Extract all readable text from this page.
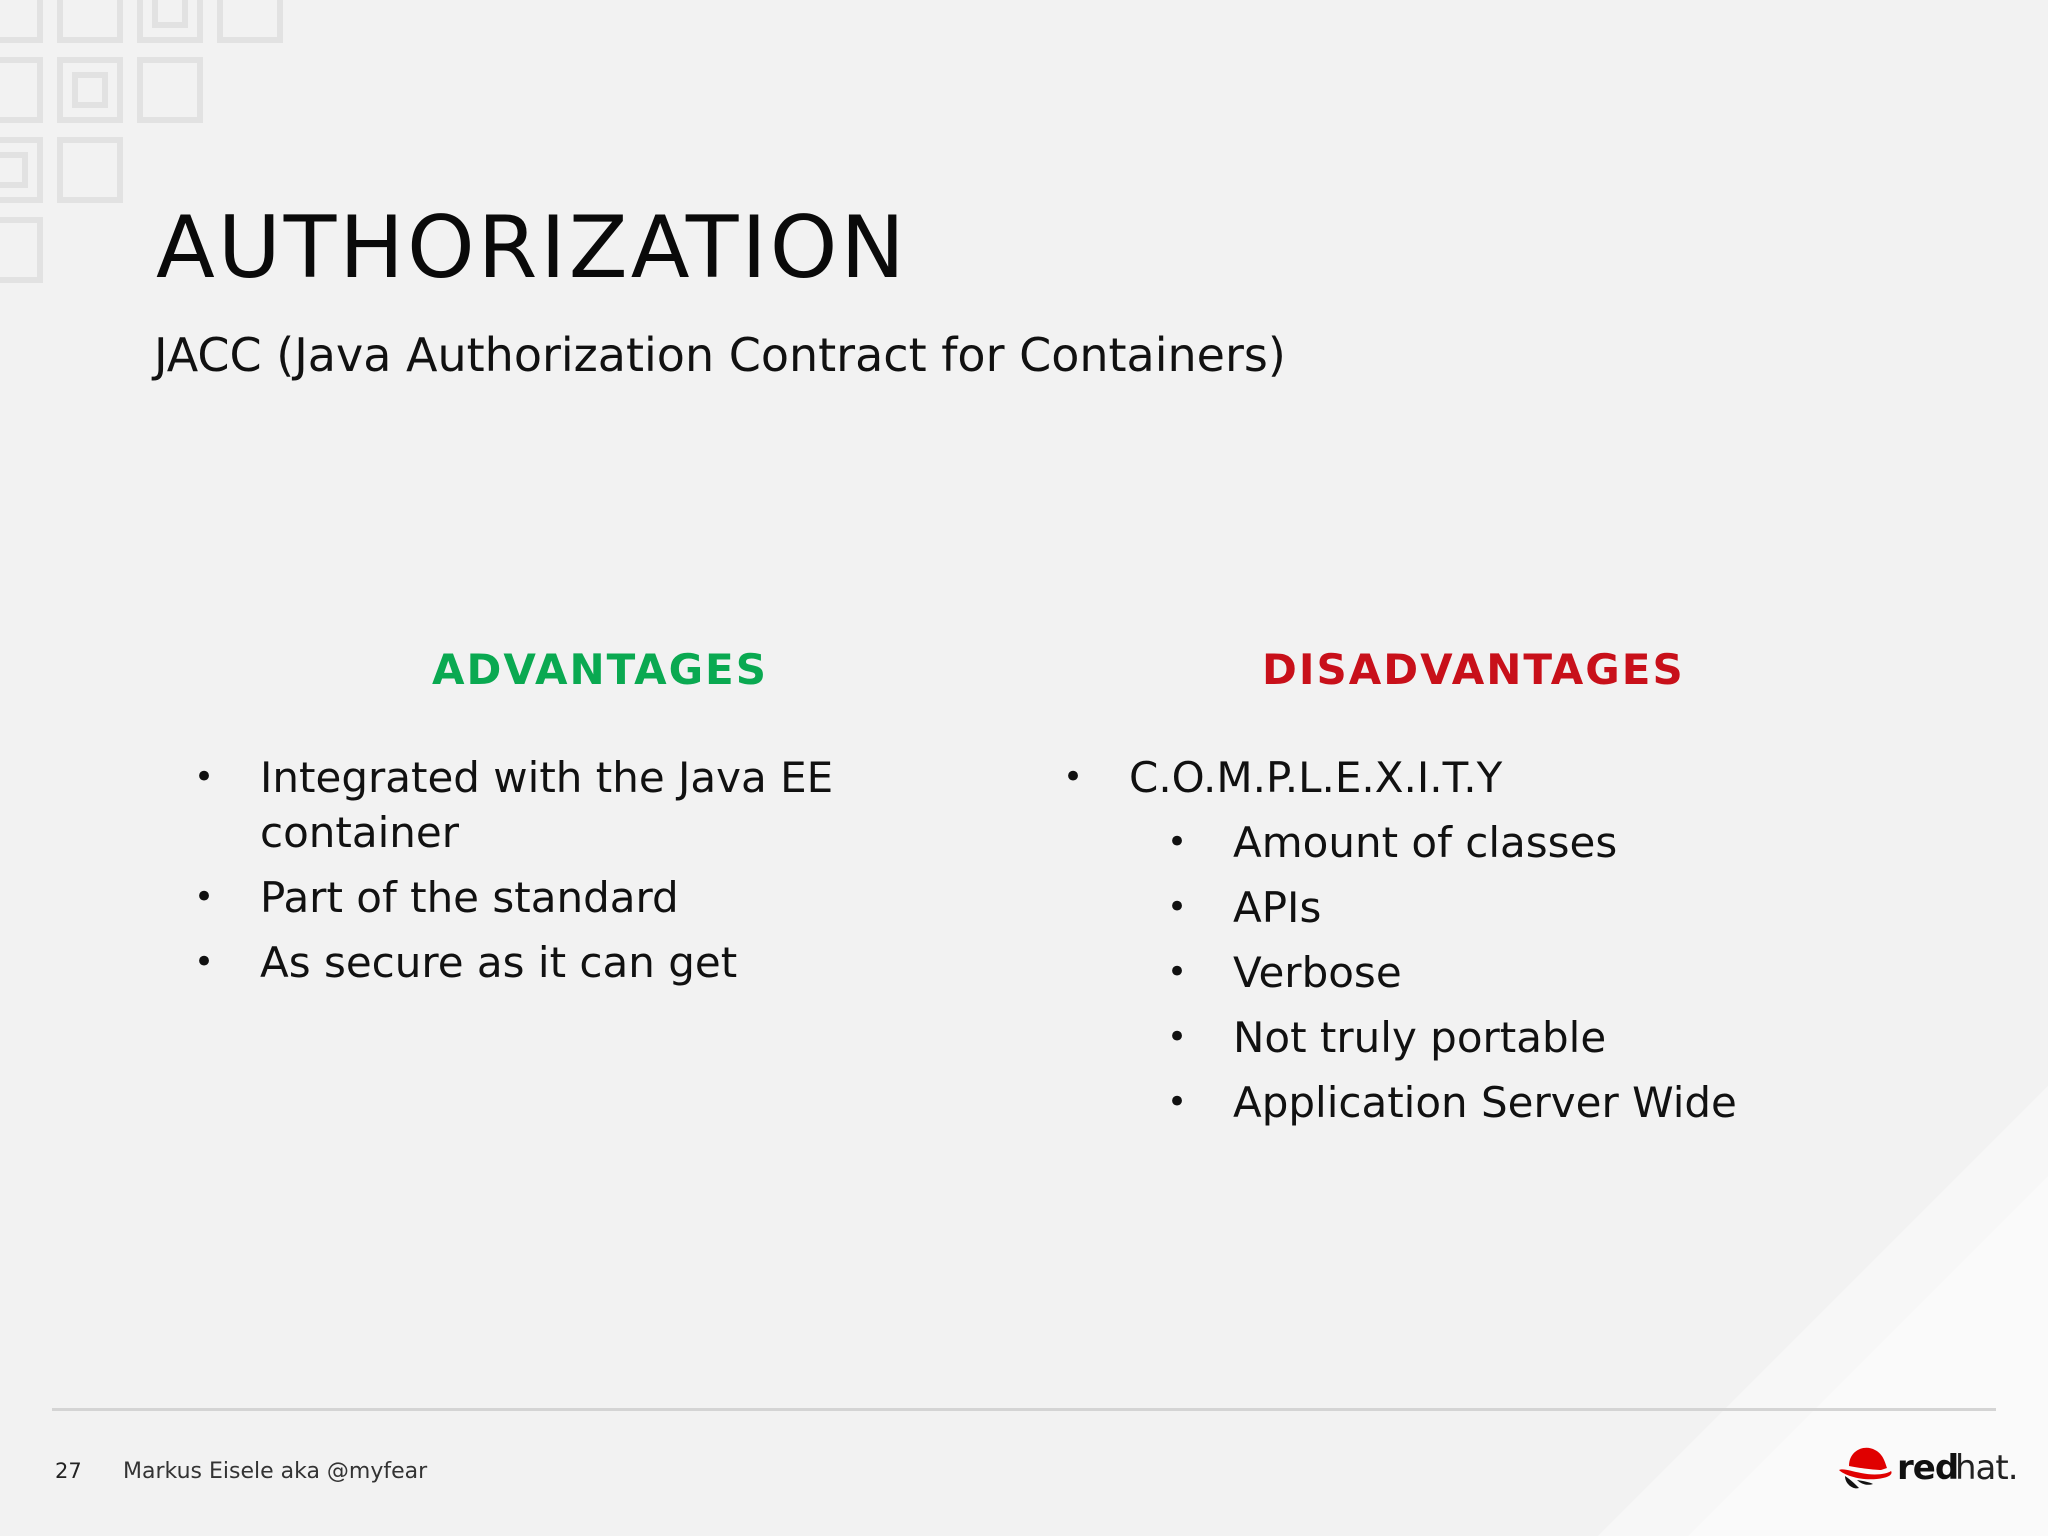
AUTHORIZATION
JACC (Java Authorization Contract for Containers)
ADVANTAGES	DISADVANTAGES
• Integrated with the Java EE container
• Part of the standard
• As secure as it can get
• C.O.M.P.L.E.X.I.T.Y
• Amount of classes
• APIs
• Verbose
• Not truly portable
• Application Server Wide
27 Markus Eisele aka @myfear	red
hat.
